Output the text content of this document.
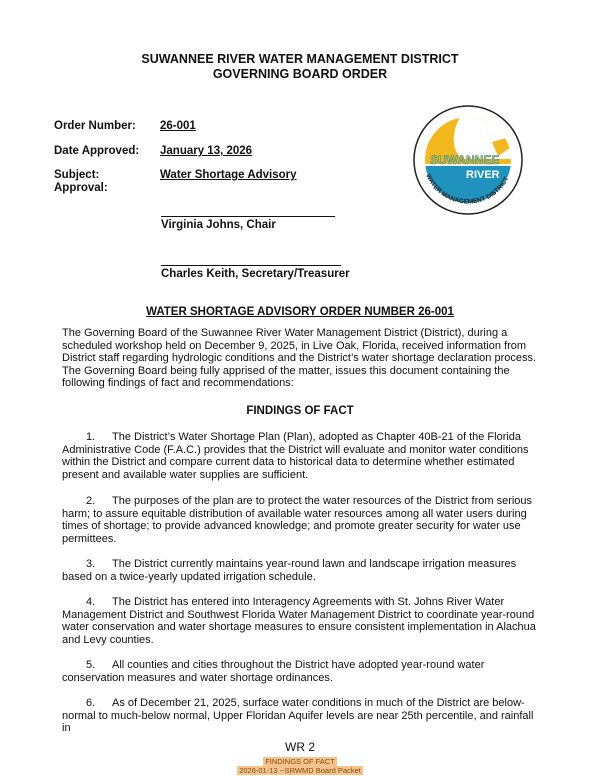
SUWANNEE RIVER WATER MANAGEMENT DISTRICT
GOVERNING BOARD ORDER
Order Number: 26-001
Date Approved: January 13, 2026
Subject:	Water Shortage Advisory
Approval:
Virginia Johns, Chair
Charles Keith, Secretary/Treasurer
SUWANNEE
RIVER
WATER MANAGEMENT DISTRICT
WATER SHORTAGE ADVISORY ORDER NUMBER 26-001
The Governing Board of the Suwannee River Water Management District (District), during a scheduled workshop held on December 9, 2025, in Live Oak, Florida, received information from District staff regarding hydrologic conditions and the District’s water shortage declaration process. The Governing Board being fully apprised of the matter, issues this document containing the following findings of fact and recommendations:
FINDINGS OF FACT
1. The District’s Water Shortage Plan (Plan), adopted as Chapter 40B-21 of the Florida Administrative Code (F.A.C.) provides that the District will evaluate and monitor water conditions within the District and compare current data to historical data to determine whether estimated present and available water supplies are sufficient.
2. The purposes of the plan are to protect the water resources of the District from serious harm; to assure equitable distribution of available water resources among all water users during times of shortage; to provide advanced knowledge; and promote greater security for water use permittees.
3. The District currently maintains year-round lawn and landscape irrigation measures based on a twice-yearly updated irrigation schedule.
4. The District has entered into Interagency Agreements with St. Johns River Water Management District and Southwest Florida Water Management District to coordinate year-round water conservation and water shortage measures to ensure consistent implementation in Alachua and Levy counties.
5. All counties and cities throughout the District have adopted year-round water conservation measures and water shortage ordinances.
6. As of December 21, 2025, surface water conditions in much of the District are below-normal to much-below normal, Upper Floridan Aquifer levels are near 25th percentile, and rainfall in
WR 2
FINDINGS OF FACT
2026-01-13 --SRWMD Board Packet
